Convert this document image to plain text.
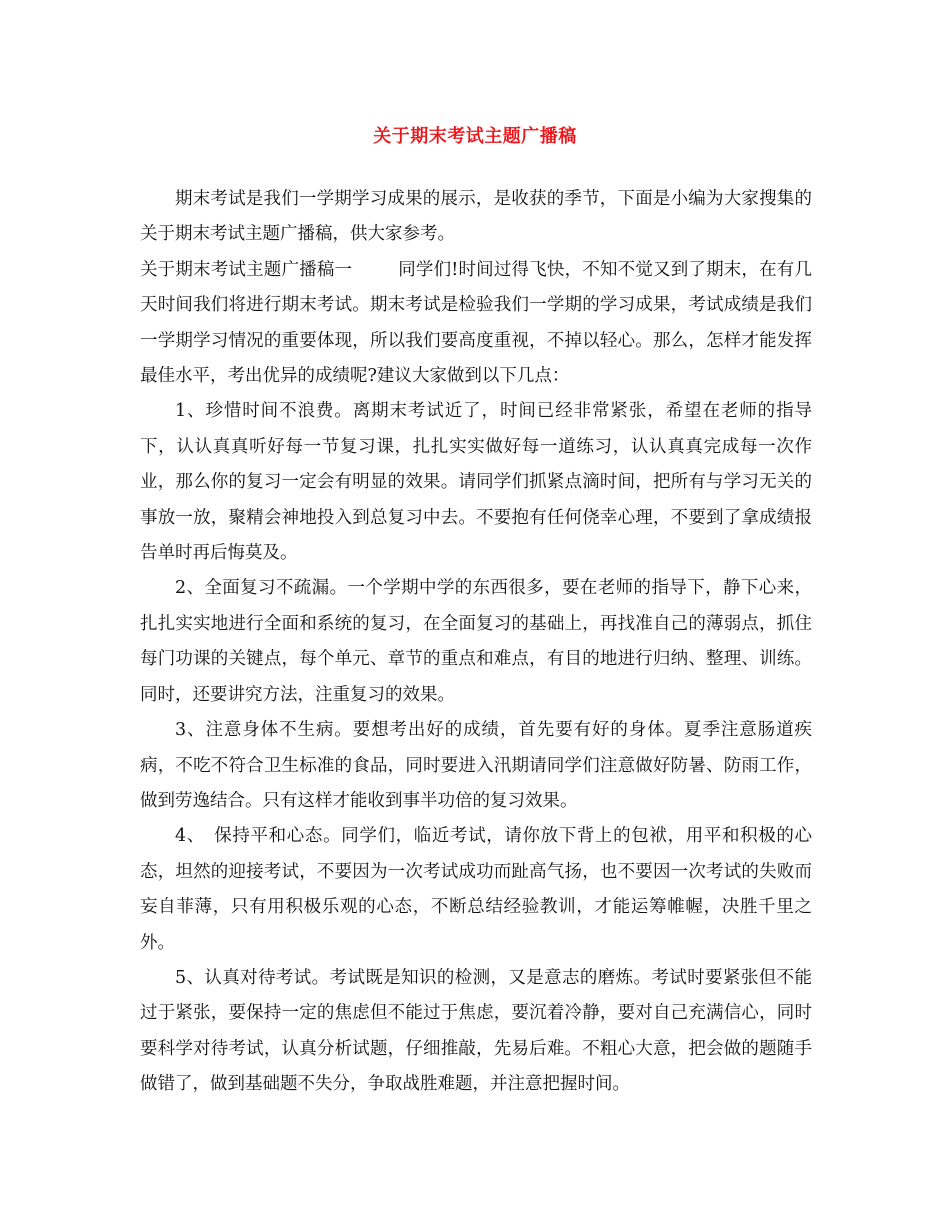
关于期末考试主题广播稿

期末考试是我们一学期学习成果的展示，是收获的季节，下面是小编为大家搜集的关于期末考试主题广播稿，供大家参考。

关于期末考试主题广播稿一	同学们!时间过得飞快，不知不觉又到了期末，在有几天时间我们将进行期末考试。期末考试是检验我们一学期的学习成果，考试成绩是我们一学期学习情况的重要体现，所以我们要高度重视，不掉以轻心。那么，怎样才能发挥最佳水平，考出优异的成绩呢?建议大家做到以下几点：

1、珍惜时间不浪费。离期末考试近了，时间已经非常紧张，希望在老师的指导下，认认真真听好每一节复习课，扎扎实实做好每一道练习，认认真真完成每一次作业，那么你的复习一定会有明显的效果。请同学们抓紧点滴时间，把所有与学习无关的事放一放，聚精会神地投入到总复习中去。不要抱有任何侥幸心理，不要到了拿成绩报告单时再后悔莫及。

2、全面复习不疏漏。一个学期中学的东西很多，要在老师的指导下，静下心来，扎扎实实地进行全面和系统的复习，在全面复习的基础上，再找准自己的薄弱点，抓住每门功课的关键点，每个单元、章节的重点和难点，有目的地进行归纳、整理、训练。同时，还要讲究方法，注重复习的效果。

3、注意身体不生病。要想考出好的成绩，首先要有好的身体。夏季注意肠道疾病，不吃不符合卫生标准的食品，同时要进入汛期请同学们注意做好防暑、防雨工作，做到劳逸结合。只有这样才能收到事半功倍的复习效果。

4、　保持平和心态。同学们，临近考试，请你放下背上的包袱，用平和积极的心态，坦然的迎接考试，不要因为一次考试成功而趾高气扬，也不要因一次考试的失败而妄自菲薄，只有用积极乐观的心态，不断总结经验教训，才能运筹帷幄，决胜千里之外。

5、认真对待考试。考试既是知识的检测，又是意志的磨炼。考试时要紧张但不能过于紧张，要保持一定的焦虑但不能过于焦虑，要沉着冷静，要对自己充满信心，同时要科学对待考试，认真分析试题，仔细推敲，先易后难。不粗心大意，把会做的题随手做错了，做到基础题不失分，争取战胜难题，并注意把握时间。
